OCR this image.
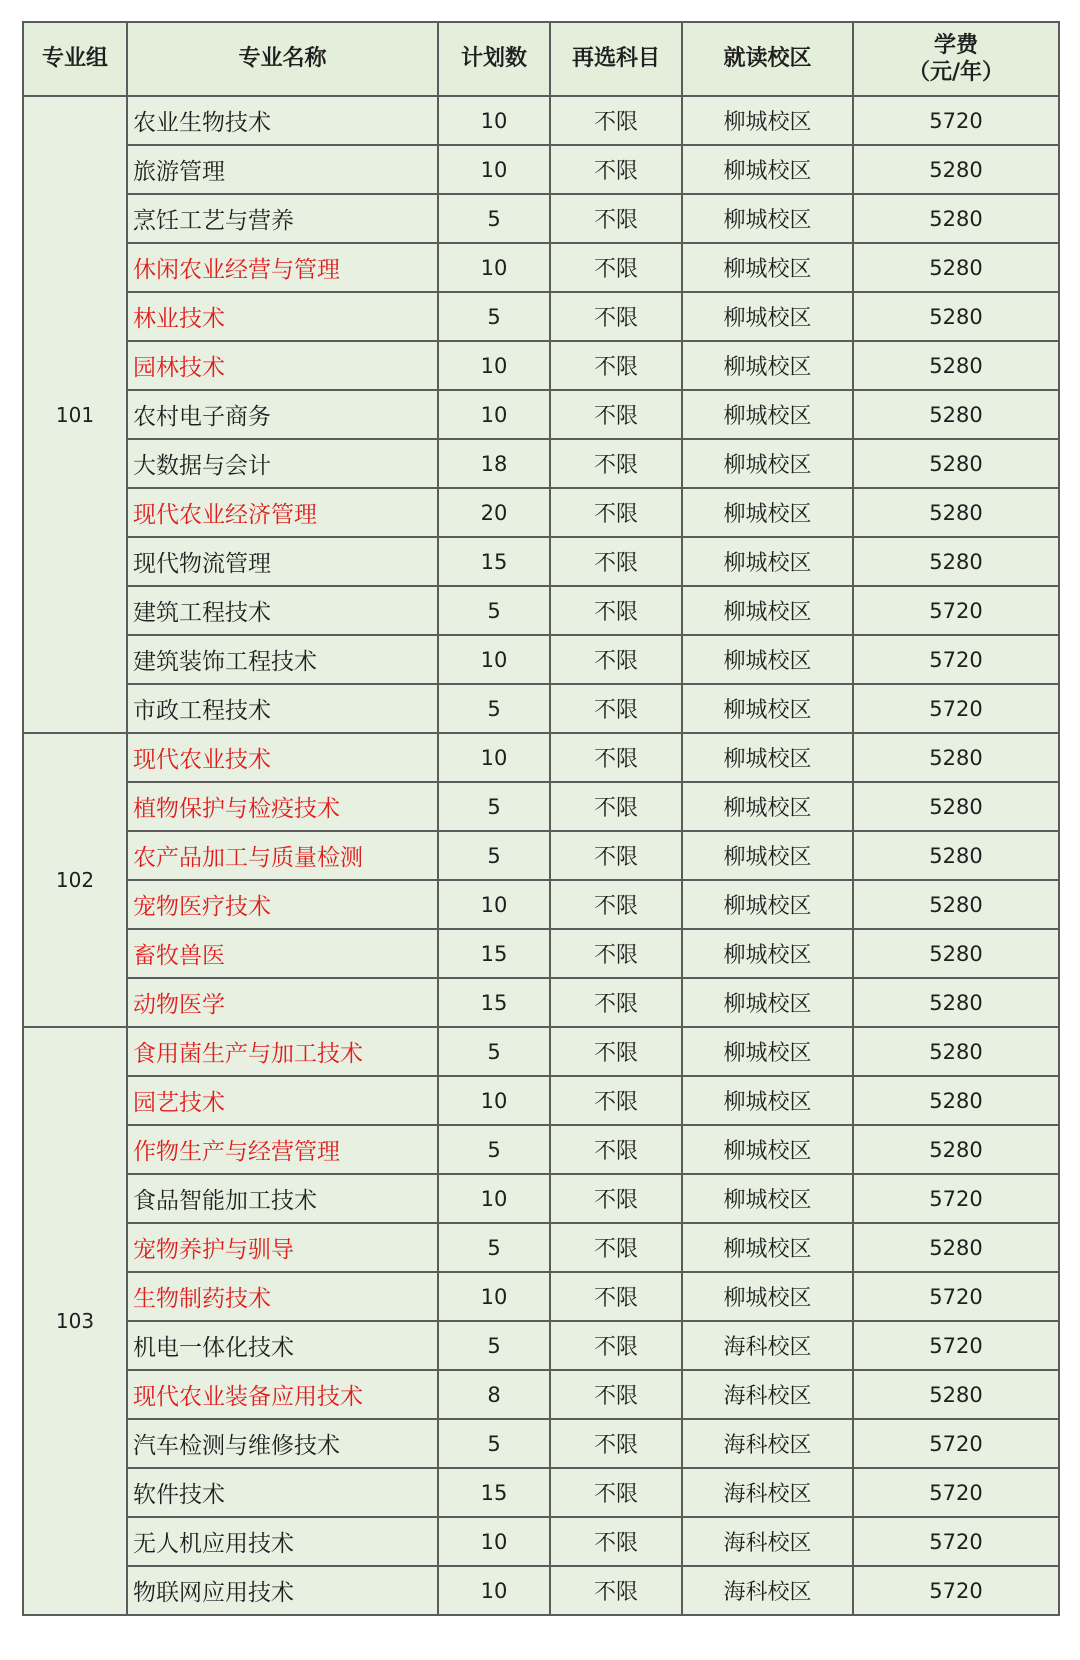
专业组	专业名称	计划数	再选科目	就读校区	学费
（元/年）

101	农业生物技术	10	不限	柳城校区	5720
	旅游管理	10	不限	柳城校区	5280
	烹饪工艺与营养	5	不限	柳城校区	5280
	休闲农业经营与管理	10	不限	柳城校区	5280
	林业技术	5	不限	柳城校区	5280
	园林技术	10	不限	柳城校区	5280
	农村电子商务	10	不限	柳城校区	5280
	大数据与会计	18	不限	柳城校区	5280
	现代农业经济管理	20	不限	柳城校区	5280
	现代物流管理	15	不限	柳城校区	5280
	建筑工程技术	5	不限	柳城校区	5720
	建筑装饰工程技术	10	不限	柳城校区	5720
	市政工程技术	5	不限	柳城校区	5720
102	现代农业技术	10	不限	柳城校区	5280
	植物保护与检疫技术	5	不限	柳城校区	5280
	农产品加工与质量检测	5	不限	柳城校区	5280
	宠物医疗技术	10	不限	柳城校区	5280
	畜牧兽医	15	不限	柳城校区	5280
	动物医学	15	不限	柳城校区	5280
103	食用菌生产与加工技术	5	不限	柳城校区	5280
	园艺技术	10	不限	柳城校区	5280
	作物生产与经营管理	5	不限	柳城校区	5280
	食品智能加工技术	10	不限	柳城校区	5720
	宠物养护与驯导	5	不限	柳城校区	5280
	生物制药技术	10	不限	柳城校区	5720
	机电一体化技术	5	不限	海科校区	5720
	现代农业装备应用技术	8	不限	海科校区	5280
	汽车检测与维修技术	5	不限	海科校区	5720
	软件技术	15	不限	海科校区	5720
	无人机应用技术	10	不限	海科校区	5720
	物联网应用技术	10	不限	海科校区	5720
